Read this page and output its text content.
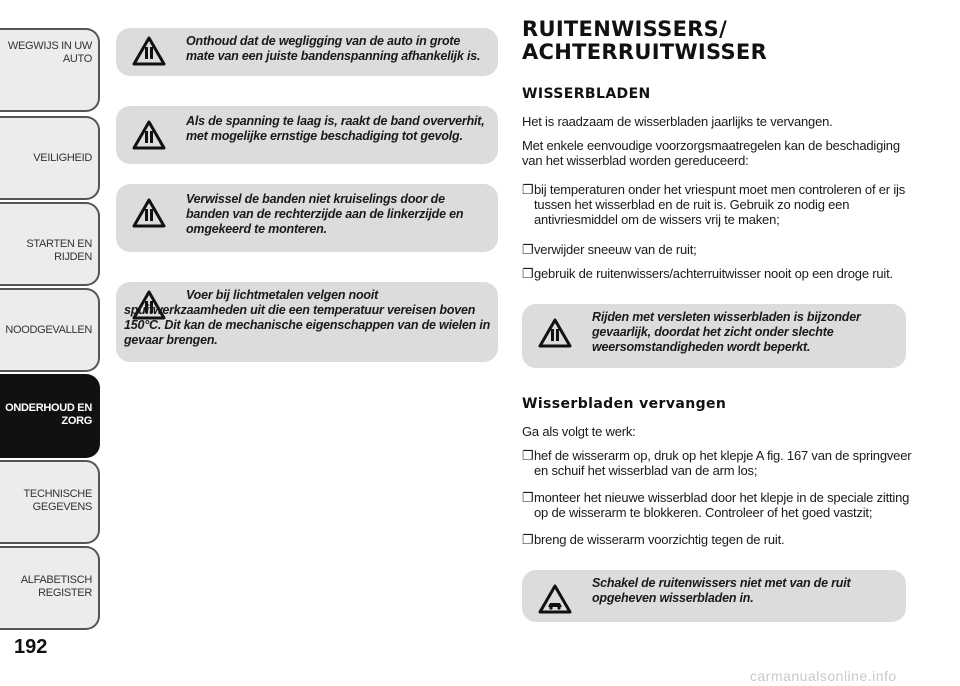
WEGWIJS IN UW AUTO
VEILIGHEID
STARTEN EN RIJDEN
NOODGEVALLEN
ONDERHOUD EN ZORG
TECHNISCHE GEGEVENS
ALFABETISCH REGISTER
192
Onthoud dat de wegligging van de auto in grote mate van een juiste bandenspanning afhankelijk is.
Als de spanning te laag is, raakt de band oververhit, met mogelijke ernstige beschadiging tot gevolg.
Verwissel de banden niet kruiselings door de banden van de rechterzijde aan de linkerzijde en omgekeerd te monteren.
Voer bij lichtmetalen velgen nooit spuitwerkzaamheden uit die een temperatuur vereisen boven 150°C. Dit kan de mechanische eigenschappen van de wielen in gevaar brengen.
RUITENWISSERS/
ACHTERRUITWISSER
WISSERBLADEN
Het is raadzaam de wisserbladen jaarlijks te vervangen.
Met enkele eenvoudige voorzorgsmaatregelen kan de beschadiging van het wisserblad worden gereduceerd:
❐ bij temperaturen onder het vriespunt moet men controleren of er ijs tussen het wisserblad en de ruit is. Gebruik zo nodig een antivriesmiddel om de wissers vrij te maken;
❐ verwijder sneeuw van de ruit;
❐ gebruik de ruitenwissers/achterruitwisser nooit op een droge ruit.
Rijden met versleten wisserbladen is bijzonder gevaarlijk, doordat het zicht onder slechte weersomstandigheden wordt beperkt.
Wisserbladen vervangen
Ga als volgt te werk:
❐ hef de wisserarm op, druk op het klepje A fig. 167 van de springveer en schuif het wisserblad van de arm los;
❐ monteer het nieuwe wisserblad door het klepje in de speciale zitting op de wisserarm te blokkeren. Controleer of het goed vastzit;
❐ breng de wisserarm voorzichtig tegen de ruit.
Schakel de ruitenwissers niet met van de ruit opgeheven wisserbladen in.
carmanualsonline.info
